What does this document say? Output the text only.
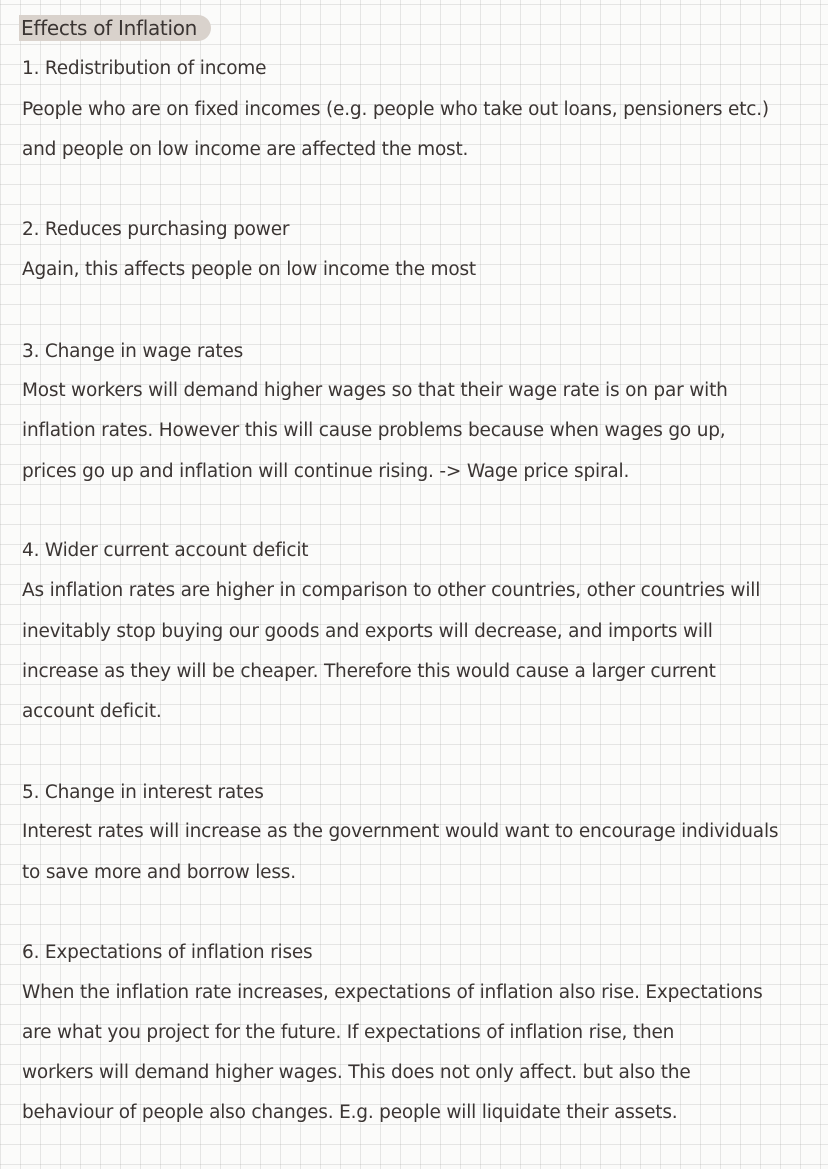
Effects of Inflation
1. Redistribution of income
People who are on fixed incomes (e.g. people who take out loans, pensioners etc.)
and people on low income are affected the most.
2. Reduces purchasing power
Again, this affects people on low income the most
3. Change in wage rates
Most workers will demand higher wages so that their wage rate is on par with
inflation rates. However this will cause problems because when wages go up,
prices go up and inflation will continue rising. -> Wage price spiral.
4. Wider current account deficit
As inflation rates are higher in comparison to other countries, other countries will
inevitably stop buying our goods and exports will decrease, and imports will
increase as they will be cheaper. Therefore this would cause a larger current
account deficit.
5. Change in interest rates
Interest rates will increase as the government would want to encourage individuals
to save more and borrow less.
6. Expectations of inflation rises
When the inflation rate increases, expectations of inflation also rise. Expectations
are what you project for the future. If expectations of inflation rise, then
workers will demand higher wages. This does not only affect. but also the
behaviour of people also changes. E.g. people will liquidate their assets.
